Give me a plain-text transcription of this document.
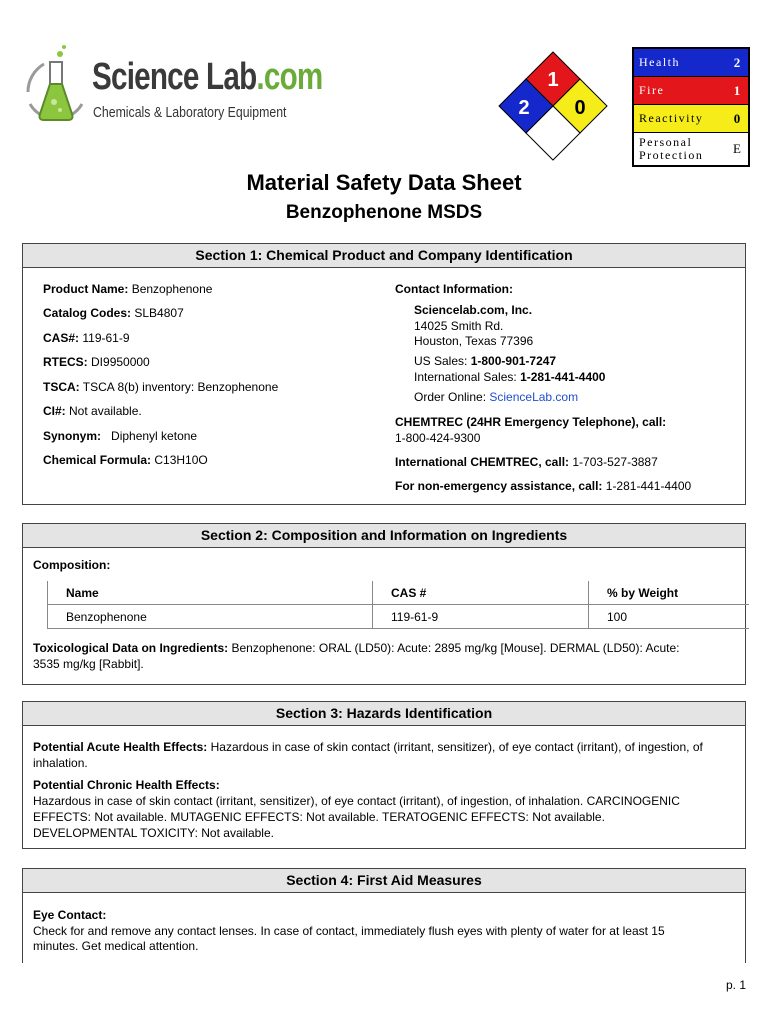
Science Lab.com
Chemicals & Laboratory Equipment
1
2 0
Health	2
Fire	1
Reactivity	0
Personal
Protection	E
Material Safety Data Sheet
Benzophenone MSDS
Section 1: Chemical Product and Company Identification
Product Name: Benzophenone
Catalog Codes: SLB4807
CAS#: 119-61-9
RTECS: DI9950000
TSCA: TSCA 8(b) inventory: Benzophenone
CI#: Not available.
Synonym: Diphenyl ketone
Chemical Formula: C13H10O
Contact Information:
Sciencelab.com, Inc.
14025 Smith Rd.
Houston, Texas 77396
US Sales: 1-800-901-7247
International Sales: 1-281-441-4400
Order Online: ScienceLab.com
CHEMTREC (24HR Emergency Telephone), call:
1-800-424-9300
International CHEMTREC, call: 1-703-527-3887
For non-emergency assistance, call: 1-281-441-4400
Section 2: Composition and Information on Ingredients
Composition:
Name	CAS #	% by Weight
Benzophenone	119-61-9	100
Toxicological Data on Ingredients: Benzophenone: ORAL (LD50): Acute: 2895 mg/kg [Mouse]. DERMAL (LD50): Acute:
3535 mg/kg [Rabbit].
Section 3: Hazards Identification
Potential Acute Health Effects: Hazardous in case of skin contact (irritant, sensitizer), of eye contact (irritant), of ingestion, of
inhalation.
Potential Chronic Health Effects:
Hazardous in case of skin contact (irritant, sensitizer), of eye contact (irritant), of ingestion, of inhalation. CARCINOGENIC
EFFECTS: Not available. MUTAGENIC EFFECTS: Not available. TERATOGENIC EFFECTS: Not available.
DEVELOPMENTAL TOXICITY: Not available.
Section 4: First Aid Measures
Eye Contact:
Check for and remove any contact lenses. In case of contact, immediately flush eyes with plenty of water for at least 15
minutes. Get medical attention.
p. 1
